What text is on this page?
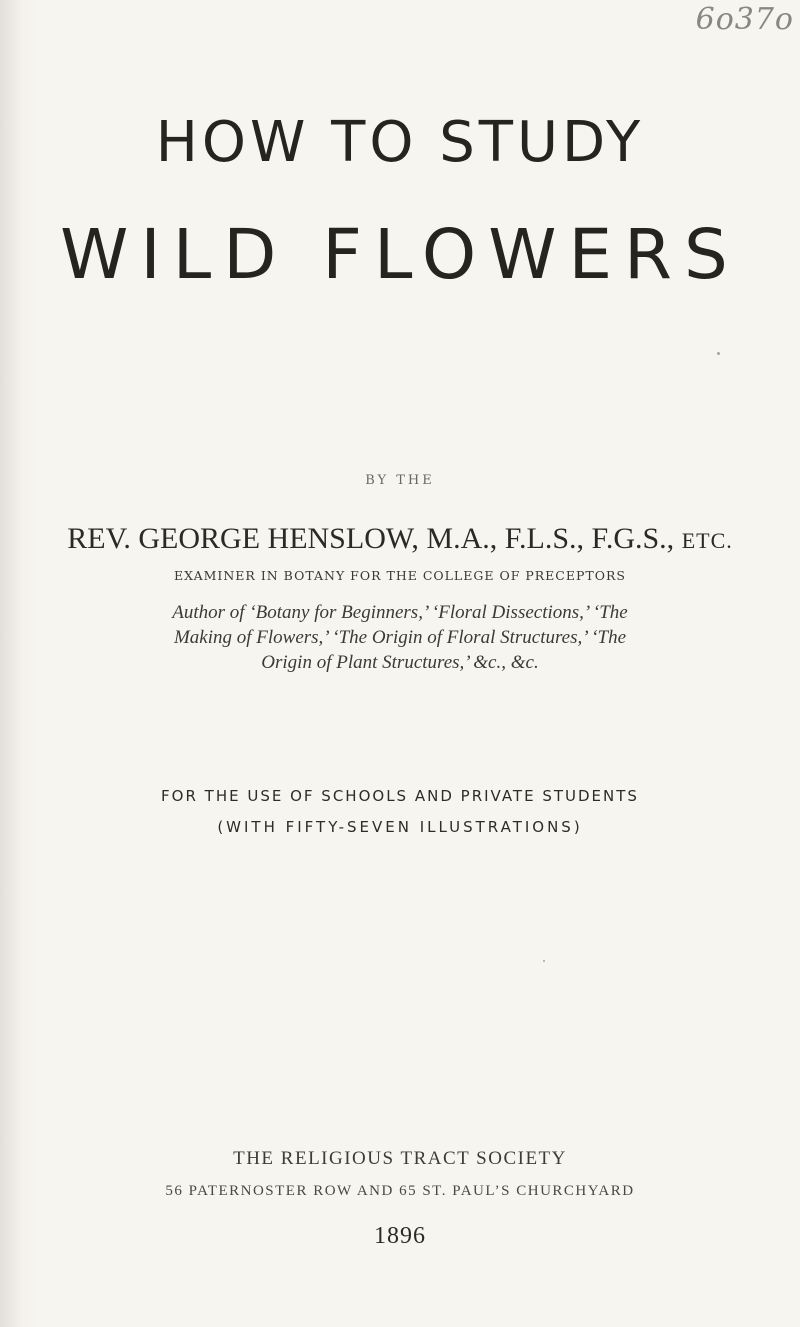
6o37o
HOW TO STUDY
WILD FLOWERS
BY THE
REV. GEORGE HENSLOW, M.A., F.L.S., F.G.S., ETC.
EXAMINER IN BOTANY FOR THE COLLEGE OF PRECEPTORS
Author of ‘Botany for Beginners,’ ‘Floral Dissections,’ ‘The Making of Flowers,’ ‘The Origin of Floral Structures,’ ‘The Origin of Plant Structures,’ &c., &c.
FOR THE USE OF SCHOOLS AND PRIVATE STUDENTS
(WITH FIFTY-SEVEN ILLUSTRATIONS)
THE RELIGIOUS TRACT SOCIETY
56 PATERNOSTER ROW AND 65 ST. PAUL’S CHURCHYARD
1896
